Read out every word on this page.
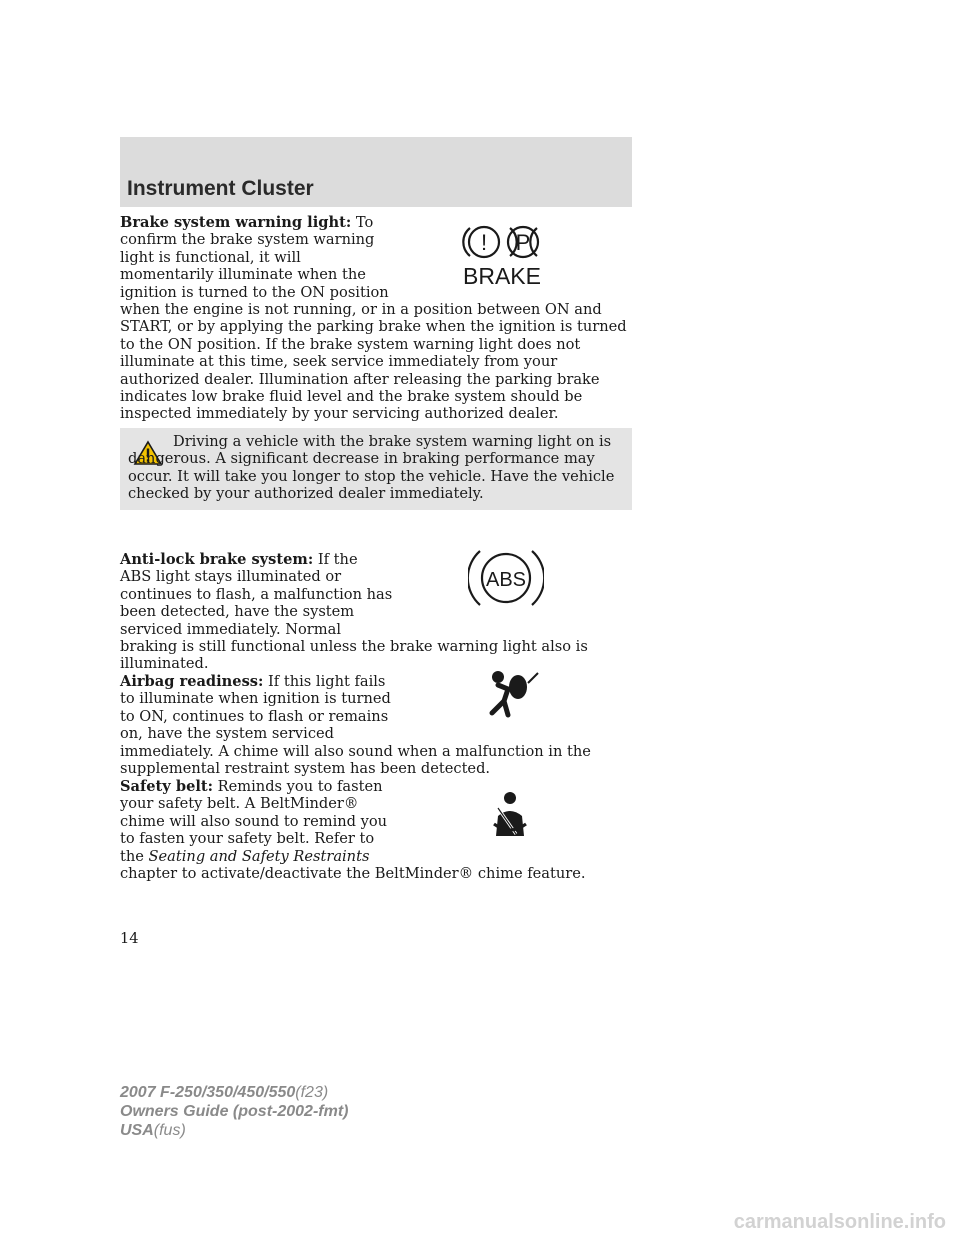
Instrument Cluster

Brake system warning light: To
confirm the brake system warning
light is functional, it will
momentarily illuminate when the
ignition is turned to the ON position
when the engine is not running, or in a position between ON and START, or by applying the parking brake when the ignition is turned to the ON position. If the brake system warning light does not illuminate at this time, seek service immediately from your authorized dealer. Illumination after releasing the parking brake indicates low brake fluid level and the brake system should be inspected immediately by your servicing authorized dealer.

! P
BRAKE

Driving a vehicle with the brake system warning light on is dangerous. A significant decrease in braking performance may occur. It will take you longer to stop the vehicle. Have the vehicle checked by your authorized dealer immediately.

Anti-lock brake system: If the
ABS light stays illuminated or
continues to flash, a malfunction has
been detected, have the system
serviced immediately. Normal
braking is still functional unless the brake warning light also is illuminated.

ABS

Airbag readiness: If this light fails
to illuminate when ignition is turned
to ON, continues to flash or remains
on, have the system serviced
immediately. A chime will also sound when a malfunction in the supplemental restraint system has been detected.

Safety belt: Reminds you to fasten
your safety belt. A BeltMinder®
chime will also sound to remind you
to fasten your safety belt. Refer to
the Seating and Safety Restraints
chapter to activate/deactivate the BeltMinder® chime feature.

14

2007 F-250/350/450/550(f23)
Owners Guide (post-2002-fmt)
USA(fus)
carmanualsonline.info
